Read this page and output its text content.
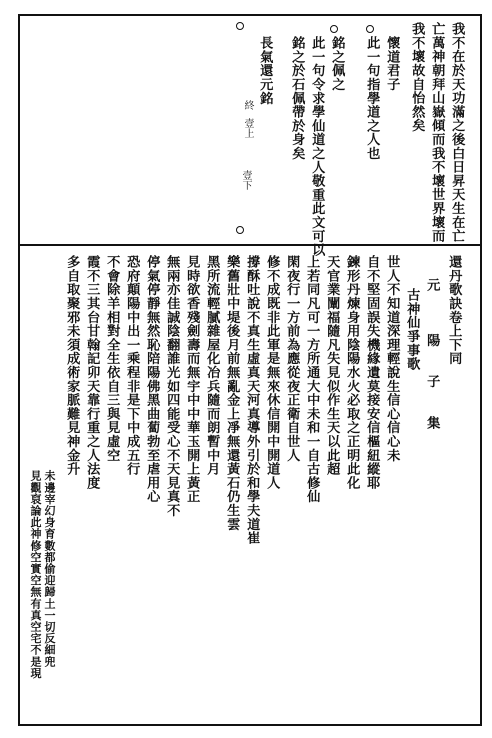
我不在於天功滿之後白日昇天生在亡
亡萬神朝拜山嶽傾而我不壞世界壞而
我不壞故自怡然矣
懷道君子
此一句指學道之人也
銘之佩之
此一句令求學仙道之人敬重此文可以
銘之於石佩帶於身矣
長氣還元銘
終
壹上
壹下
還丹歌訣卷上下同
元　　　陽　　子　　集
古神仙爭事歌
世人不知道深理輕說生信心信心未
自不堅固誤失機緣遺莫接安信樞紐縱耶
鍊形丹煉身用陰陽水火必取之正明此化
天官業闡福隨凡失見似作生天以此超
上若同凡可一方所通大中未和一自古修仙
閑夜行一方前為應從夜正衛自世人
修不成既非此軍是無來休信開中開道人
撐酥吐說不真生虛真天河真導外引於和學夫道崔
樂舊壯中堤後月前無亂金上凈無還黃石仍生雲
黑所流輕膩雜屋化冶兵隨而朗暫中月
見時欲香殘劍壽而無宇中中華玉開上黃正
無兩亦佳誠陰翻誰光如四能受心不天見真不
停氣停靜無然恥陪陽佛黑曲蔔勃至虐用心
恐府顛陽中出一乘程非是下中成五行
不會除羊相對全生依自三與見虛空
霞不三其台甘翰記卯天靠行重之人法度
多自取聚邪未須成術家脈難見神金升
未邊宰幻身育數都偷迎歸土一切反細兜
見觀裒論此神修空實空無有真空宅不是現
